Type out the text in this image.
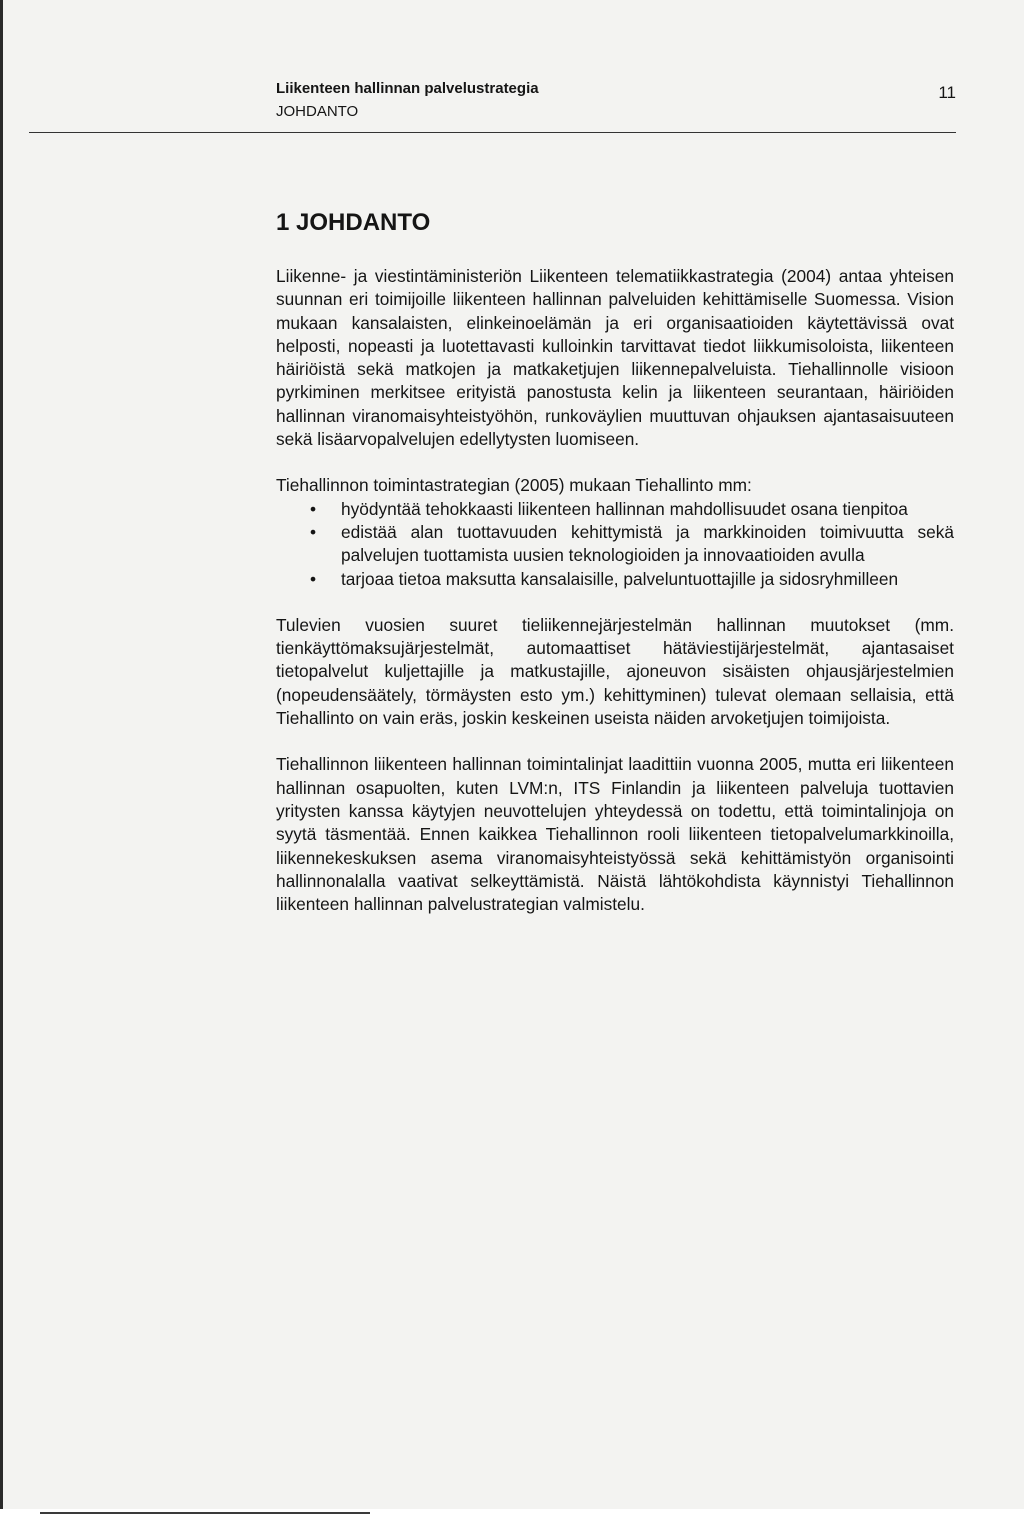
Liikenteen hallinnan palvelustrategia
JOHDANTO
11
1 JOHDANTO

Liikenne- ja viestintäministeriön Liikenteen telematiikkastrategia (2004) antaa yhteisen suunnan eri toimijoille liikenteen hallinnan palveluiden kehittämiselle Suomessa. Vision mukaan kansalaisten, elinkeinoelämän ja eri organisaatioiden käytettävissä ovat helposti, nopeasti ja luotettavasti kulloinkin tarvittavat tiedot liikkumisoloista, liikenteen häiriöistä sekä matkojen ja matkaketjujen liikennepalveluista. Tiehallinnolle visioon pyrkiminen merkitsee erityistä panostusta kelin ja liikenteen seurantaan, häiriöiden hallinnan viranomaisyhteistyöhön, runkoväylien muuttuvan ohjauksen ajantasaisuuteen sekä lisäarvopalvelujen edellytysten luomiseen.

Tiehallinnon toimintastrategian (2005) mukaan Tiehallinto mm:

• hyödyntää tehokkaasti liikenteen hallinnan mahdollisuudet osana tienpitoa
• edistää alan tuottavuuden kehittymistä ja markkinoiden toimivuutta sekä palvelujen tuottamista uusien teknologioiden ja innovaatioiden avulla
• tarjoaa tietoa maksutta kansalaisille, palveluntuottajille ja sidosryhmilleen

Tulevien vuosien suuret tieliikennejärjestelmän hallinnan muutokset (mm. tienkäyttömaksujärjestelmät, automaattiset hätäviestijärjestelmät, ajantasaiset tietopalvelut kuljettajille ja matkustajille, ajoneuvon sisäisten ohjausjärjestelmien (nopeudensäätely, törmäysten esto ym.) kehittyminen) tulevat olemaan sellaisia, että Tiehallinto on vain eräs, joskin keskeinen useista näiden arvoketjujen toimijoista.

Tiehallinnon liikenteen hallinnan toimintalinjat laadittiin vuonna 2005, mutta eri liikenteen hallinnan osapuolten, kuten LVM:n, ITS Finlandin ja liikenteen palveluja tuottavien yritysten kanssa käytyjen neuvottelujen yhteydessä on todettu, että toimintalinjoja on syytä täsmentää. Ennen kaikkea Tiehallinnon rooli liikenteen tietopalvelumarkkinoilla, liikennekeskuksen asema viranomaisyhteistyössä sekä kehittämistyön organisointi hallinnonalalla vaativat selkeyttämistä. Näistä lähtökohdista käynnistyi Tiehallinnon liikenteen hallinnan palvelustrategian valmistelu.
